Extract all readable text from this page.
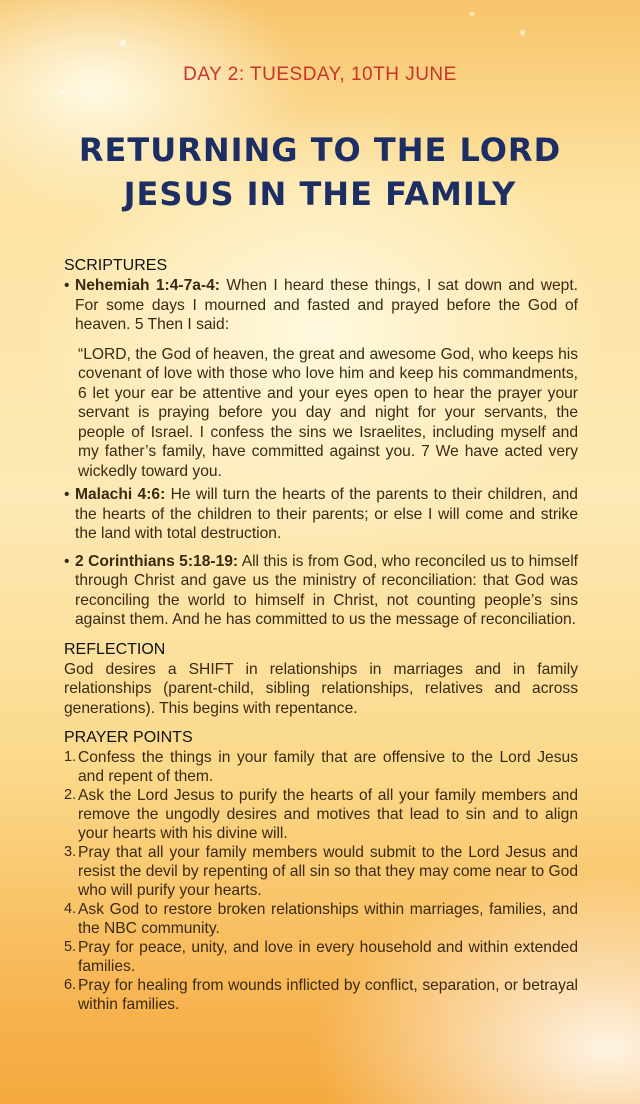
DAY 2: TUESDAY, 10TH JUNE
RETURNING TO THE LORD
JESUS IN THE FAMILY
SCRIPTURES
• Nehemiah 1:4-7a-4: When I heard these things, I sat down and wept. For some days I mourned and fasted and prayed before the God of heaven. 5 Then I said:
“LORD, the God of heaven, the great and awesome God, who keeps his covenant of love with those who love him and keep his commandments, 6 let your ear be attentive and your eyes open to hear the prayer your servant is praying before you day and night for your servants, the people of Israel. I confess the sins we Israelites, including myself and my father’s family, have committed against you. 7 We have acted very wickedly toward you.
• Malachi 4:6: He will turn the hearts of the parents to their children, and the hearts of the children to their parents; or else I will come and strike the land with total destruction.
• 2 Corinthians 5:18-19: All this is from God, who reconciled us to himself through Christ and gave us the ministry of reconciliation: that God was reconciling the world to himself in Christ, not counting people’s sins against them. And he has committed to us the message of reconciliation.
REFLECTION
God desires a SHIFT in relationships in marriages and in family relationships (parent-child, sibling relationships, relatives and across generations). This begins with repentance.
PRAYER POINTS
1. Confess the things in your family that are offensive to the Lord Jesus and repent of them.
2. Ask the Lord Jesus to purify the hearts of all your family members and remove the ungodly desires and motives that lead to sin and to align your hearts with his divine will.
3. Pray that all your family members would submit to the Lord Jesus and resist the devil by repenting of all sin so that they may come near to God who will purify your hearts.
4. Ask God to restore broken relationships within marriages, families, and the NBC community.
5. Pray for peace, unity, and love in every household and within extended families.
6. Pray for healing from wounds inflicted by conflict, separation, or betrayal within families.
